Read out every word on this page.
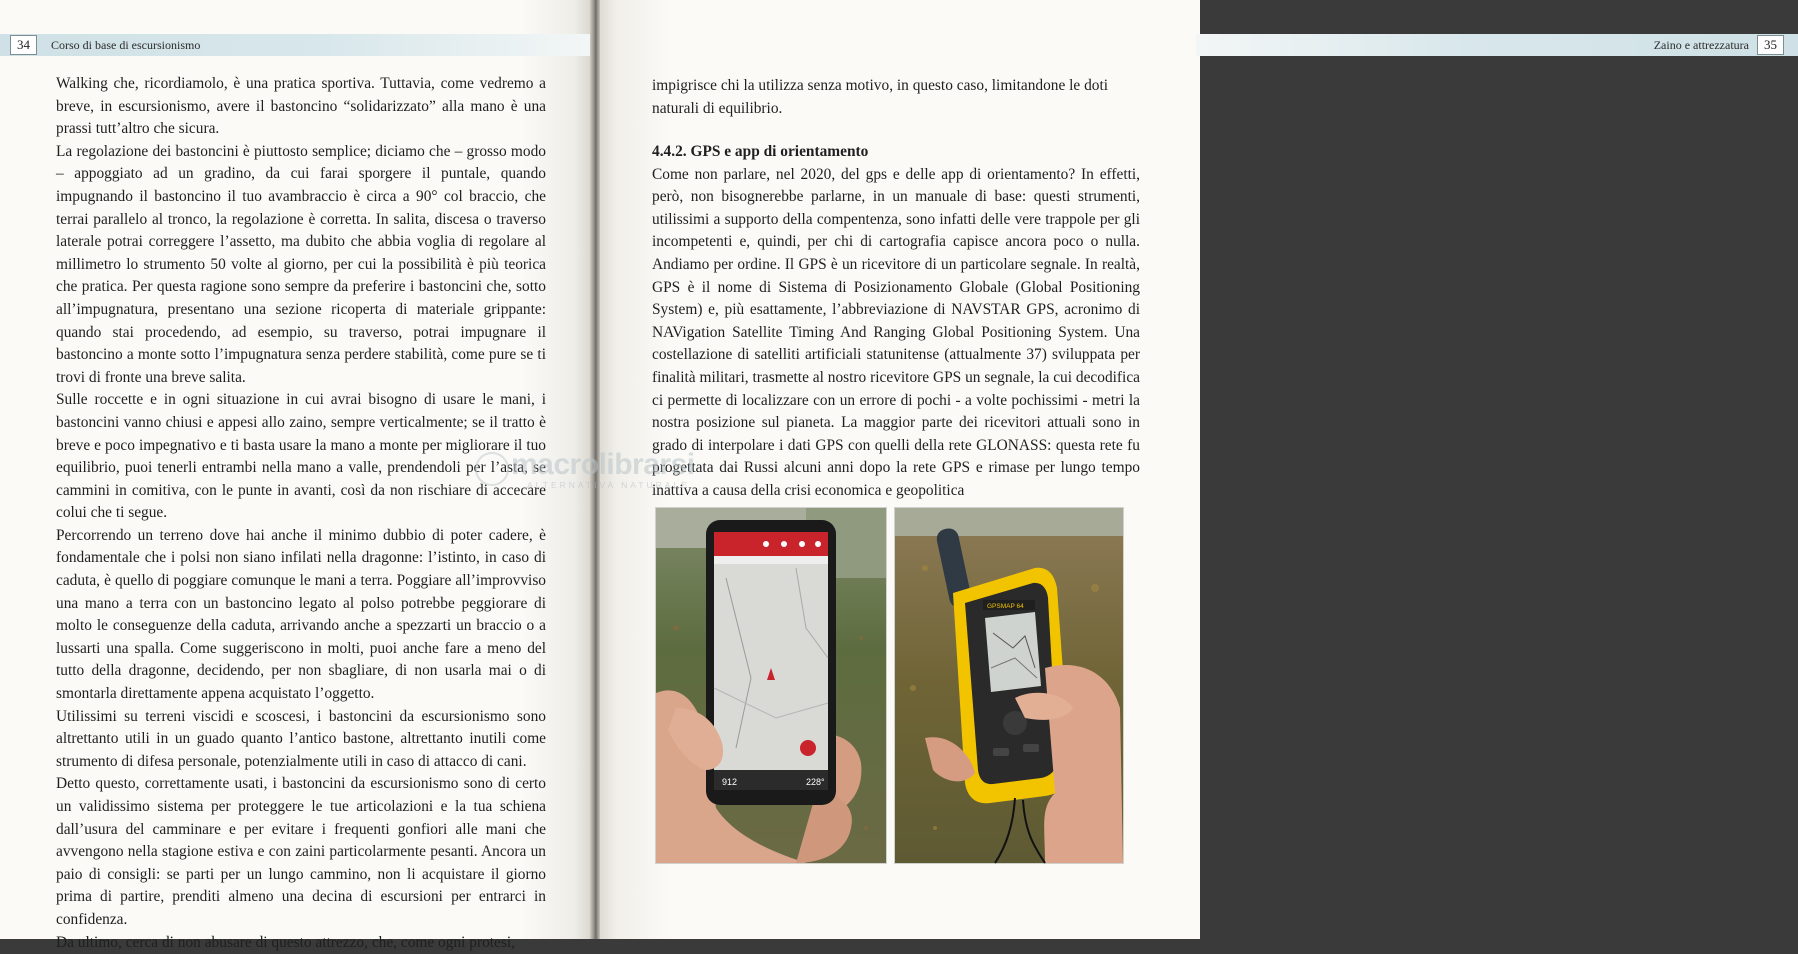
34	Corso di base di escursionismo

Walking che, ricordiamolo, è una pratica sportiva. Tuttavia, come vedremo a breve, in escursionismo, avere il bastoncino “solidarizzato” alla mano è una prassi tutt’altro che sicura.

La regolazione dei bastoncini è piuttosto semplice; diciamo che – grosso modo – appoggiato ad un gradino, da cui farai sporgere il puntale, quando impugnando il bastoncino il tuo avambraccio è circa a 90° col braccio, che terrai parallelo al tronco, la regolazione è corretta. In salita, discesa o traverso laterale potrai correggere l’assetto, ma dubito che abbia voglia di regolare al millimetro lo strumento 50 volte al giorno, per cui la possibilità è più teorica che pratica. Per questa ragione sono sempre da preferire i bastoncini che, sotto all’impugnatura, presentano una sezione ricoperta di materiale grippante: quando stai procedendo, ad esempio, su traverso, potrai impugnare il bastoncino a monte sotto l’impugnatura senza perdere stabilità, come pure se ti trovi di fronte una breve salita.

Sulle roccette e in ogni situazione in cui avrai bisogno di usare le mani, i bastoncini vanno chiusi e appesi allo zaino, sempre verticalmente; se il tratto è breve e poco impegnativo e ti basta usare la mano a monte per migliorare il tuo equilibrio, puoi tenerli entrambi nella mano a valle, prendendoli per l’asta, se cammini in comitiva, con le punte in avanti, così da non rischiare di accecare colui che ti segue.

Percorrendo un terreno dove hai anche il minimo dubbio di poter cadere, è fondamentale che i polsi non siano infilati nella dragonne: l’istinto, in caso di caduta, è quello di poggiare comunque le mani a terra. Poggiare all’improvviso una mano a terra con un bastoncino legato al polso potrebbe peggiorare di molto le conseguenze della caduta, arrivando anche a spezzarti un braccio o a lussarti una spalla. Come suggeriscono in molti, puoi anche fare a meno del tutto della dragonne, decidendo, per non sbagliare, di non usarla mai o di smontarla direttamente appena acquistato l’oggetto.

Utilissimi su terreni viscidi e scoscesi, i bastoncini da escursionismo sono altrettanto utili in un guado quanto l’antico bastone, altrettanto inutili come strumento di difesa personale, potenzialmente utili in caso di attacco di cani.

Detto questo, correttamente usati, i bastoncini da escursionismo sono di certo un validissimo sistema per proteggere le tue articolazioni e la tua schiena dall’usura del camminare e per evitare i frequenti gonfiori alle mani che avvengono nella stagione estiva e con zaini particolarmente pesanti. Ancora un paio di consigli: se parti per un lungo cammino, non li acquistare il giorno prima di partire, prenditi almeno una decina di escursioni per entrarci in confidenza.

Da ultimo, cerca di non abusare di questo attrezzo, che, come ogni protesi,

Zaino e attrezzatura	35

impigrisce chi la utilizza senza motivo, in questo caso, limitandone le doti naturali di equilibrio.

4.4.2. GPS e app di orientamento

Come non parlare, nel 2020, del gps e delle app di orientamento? In effetti, però, non bisognerebbe parlarne, in un manuale di base: questi strumenti, utilissimi a supporto della compentenza, sono infatti delle vere trappole per gli incompetenti e, quindi, per chi di cartografia capisce ancora poco o nulla. Andiamo per ordine. Il GPS è un ricevitore di un particolare segnale. In realtà, GPS è il nome di Sistema di Posizionamento Globale (Global Positioning System) e, più esattamente, l’abbreviazione di NAVSTAR GPS, acronimo di NAVigation Satellite Timing And Ranging Global Positioning System. Una costellazione di satelliti artificiali statunitense (attualmente 37) sviluppata per finalità militari, trasmette al nostro ricevitore GPS un segnale, la cui decodifica ci permette di localizzare con un errore di pochi - a volte pochissimi - metri la nostra posizione sul pianeta. La maggior parte dei ricevitori attuali sono in grado di interpolare i dati GPS con quelli della rete GLONASS: questa rete fu progettata dai Russi alcuni anni dopo la rete GPS e rimase per lungo tempo inattiva a causa della crisi economica e geopolitica

912	228°
GPSMAP 64
macrolibrarsi
ALTERNATIVA NATURALE
